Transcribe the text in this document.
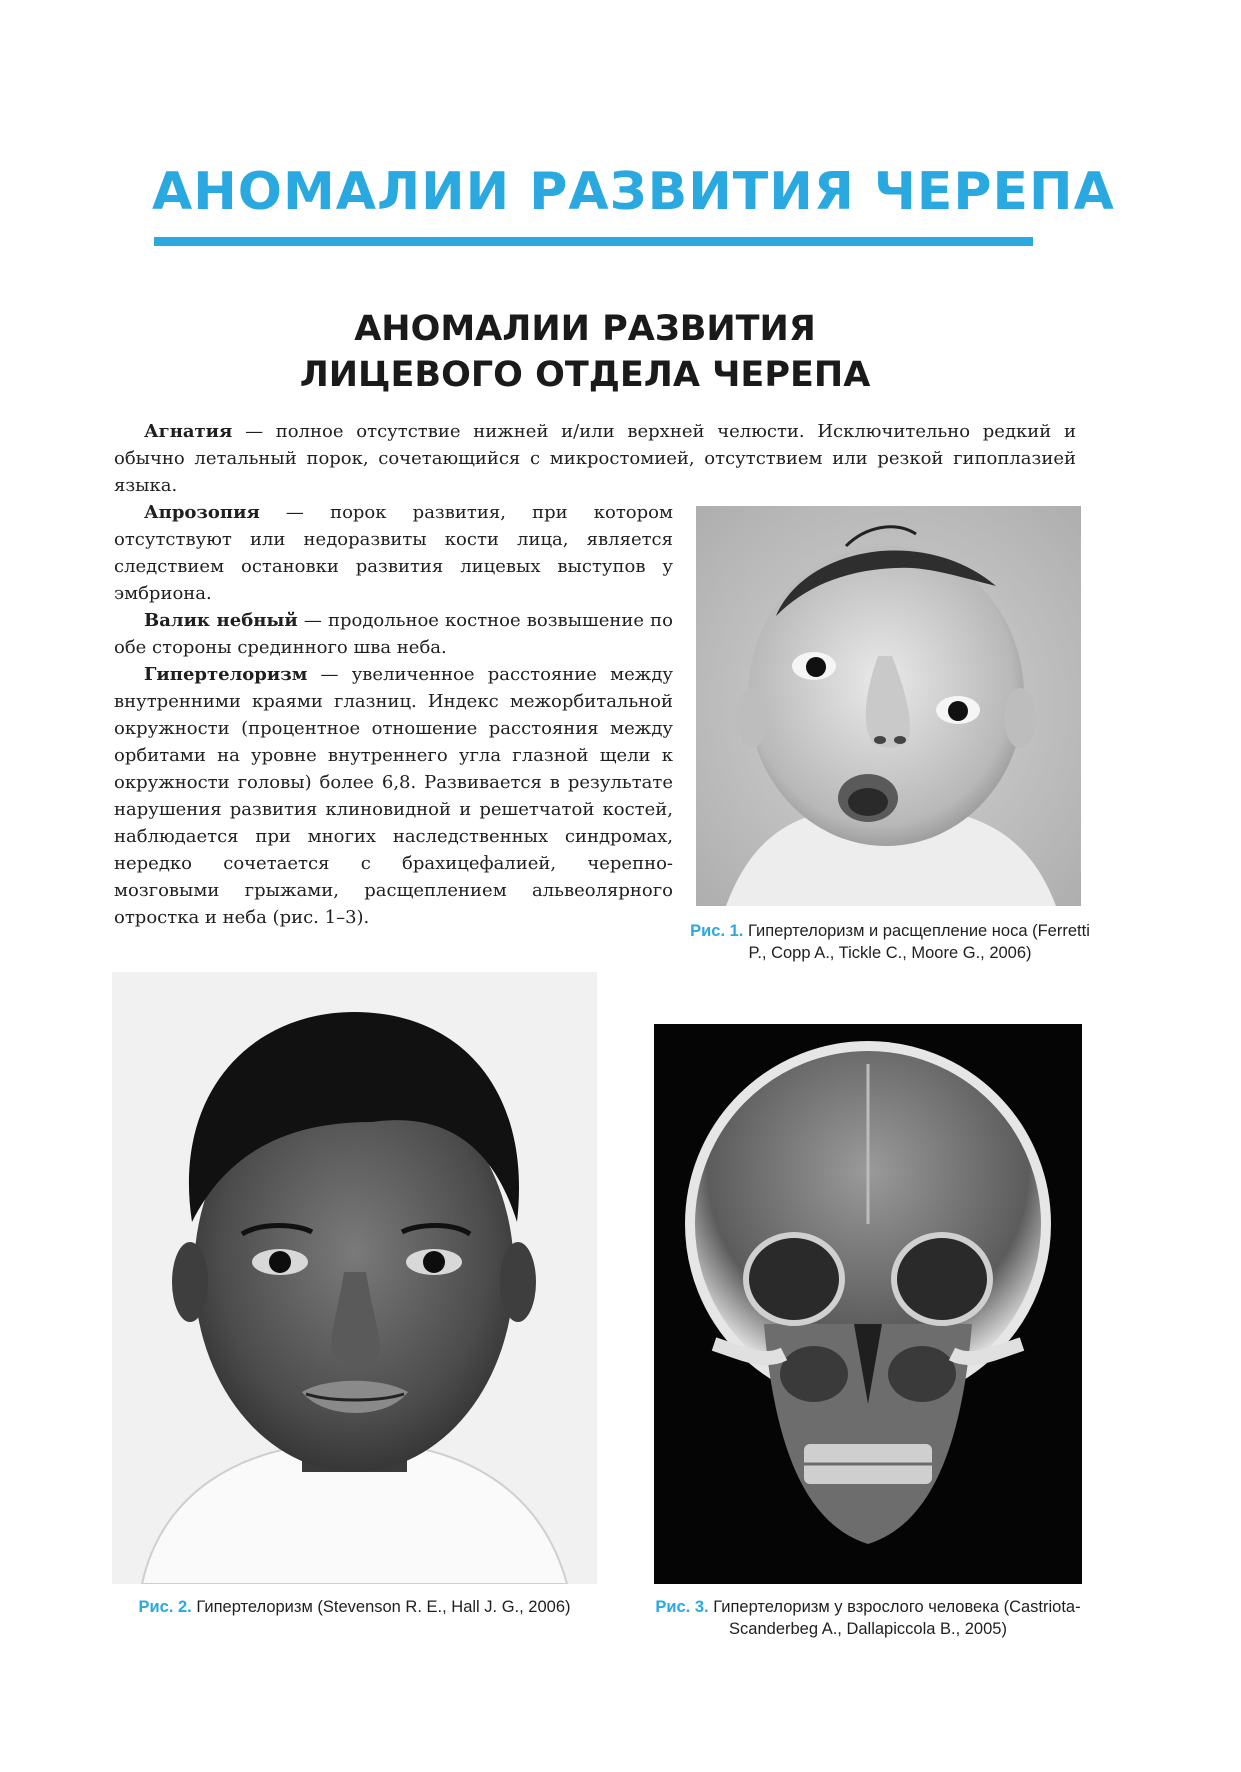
АНОМАЛИИ РАЗВИТИЯ ЧЕРЕПА
АНОМАЛИИ РАЗВИТИЯ
ЛИЦЕВОГО ОТДЕЛА ЧЕРЕПА

Агнатия — полное отсутствие нижней и/или верхней челюсти. Исключительно редкий и обычно летальный порок, сочетающийся с микростомией, отсутствием или резкой гипоплазией языка.

Апрозопия — порок развития, при котором отсутствуют или недоразвиты кости лица, является следствием остановки развития лицевых выступов у эмбриона.

Валик небный — продольное костное возвышение по обе стороны срединного шва неба.

Гипертелоризм — увеличенное расстояние между внутренними краями глазниц. Индекс межорбитальной окружности (процентное отношение расстояния между орбитами на уровне внутреннего угла глазной щели к окружности головы) более 6,8. Развивается в результате нарушения развития клиновидной и решетчатой костей, наблюдается при многих наследственных синдромах, нередко сочетается с брахицефалией, черепно-мозговыми грыжами, расщеплением альвеолярного отростка и неба (рис. 1–3).

Рис. 1. Гипертелоризм и расщепление носа (Ferretti P., Copp A., Tickle C., Moore G., 2006)

Рис. 2. Гипертелоризм (Stevenson R. E., Hall J. G., 2006)	Рис. 3. Гипертелоризм у взрослого человека (Castriota-Scanderbeg A., Dallapiccola B., 2005)
